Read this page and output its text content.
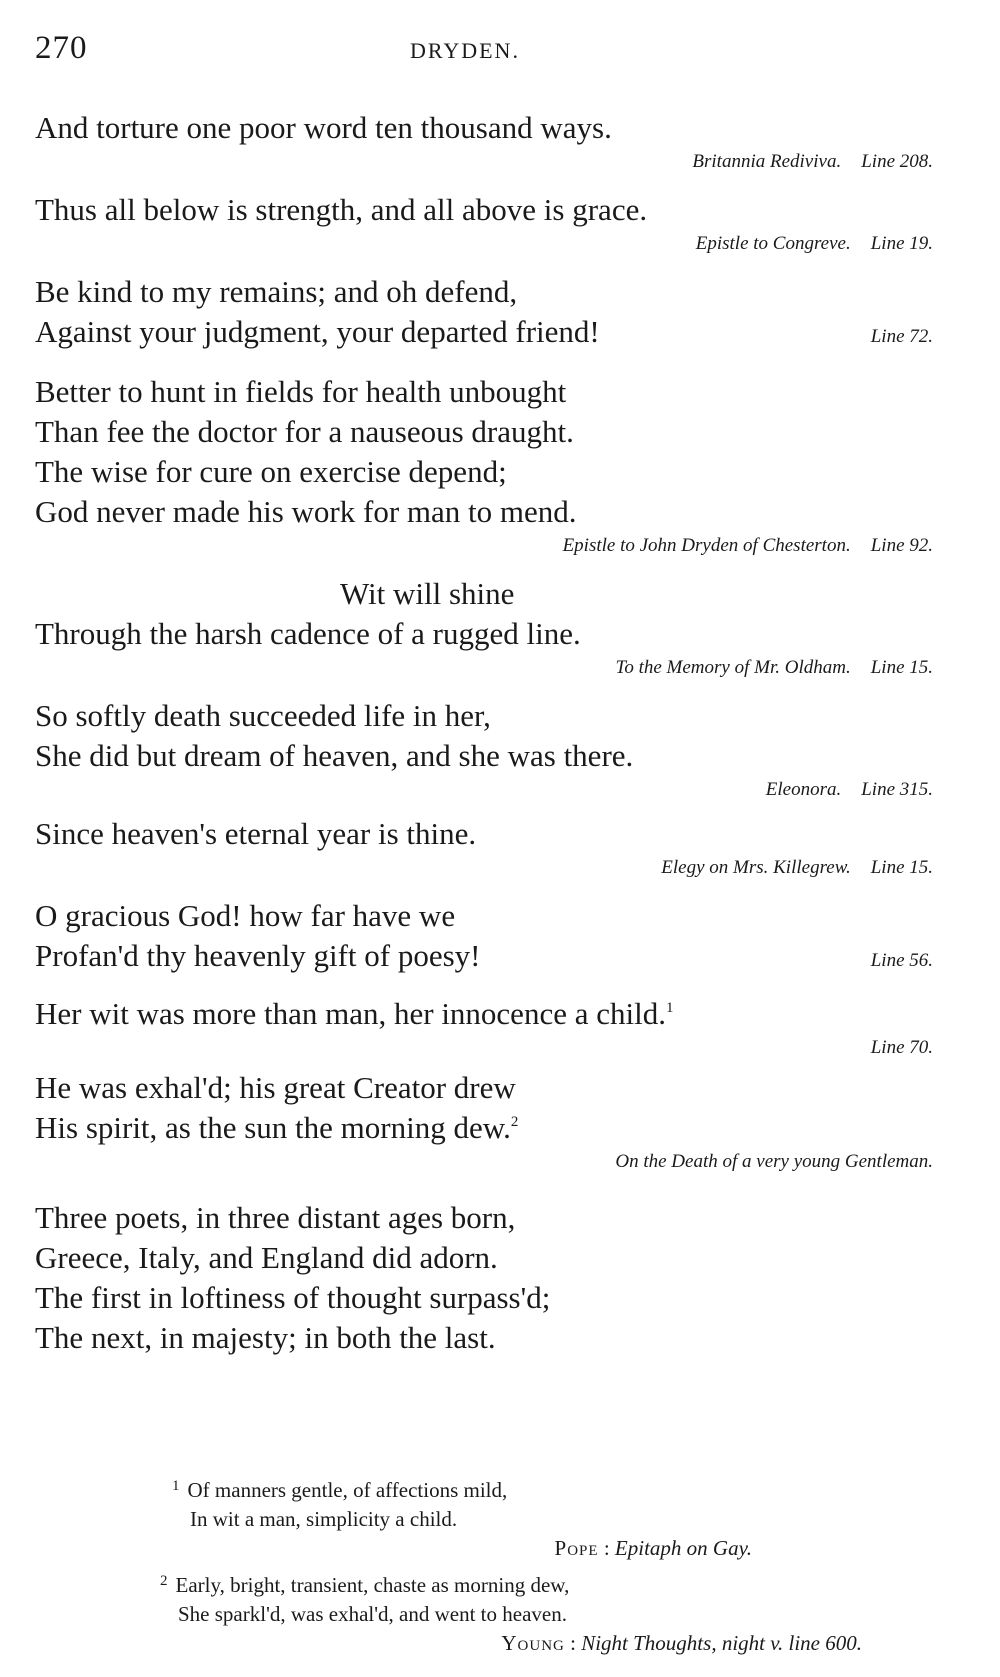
270	DRYDEN.
And torture one poor word ten thousand ways.
Britannia Rediviva. Line 208.
Thus all below is strength, and all above is grace.
Epistle to Congreve. Line 19.
Be kind to my remains; and oh defend,
Against your judgment, your departed friend!	Line 72.
Better to hunt in fields for health unbought
Than fee the doctor for a nauseous draught.
The wise for cure on exercise depend;
God never made his work for man to mend.
Epistle to John Dryden of Chesterton. Line 92.
Wit will shine
Through the harsh cadence of a rugged line.
To the Memory of Mr. Oldham. Line 15.
So softly death succeeded life in her,
She did but dream of heaven, and she was there.
Eleonora. Line 315.
Since heaven's eternal year is thine.
Elegy on Mrs. Killegrew. Line 15.
O gracious God! how far have we
Profan'd thy heavenly gift of poesy!	Line 56.
Her wit was more than man, her innocence a child.$^1$
Line 70.
He was exhal'd; his great Creator drew
His spirit, as the sun the morning dew.$^2$
On the Death of a very young Gentleman.
Three poets, in three distant ages born,
Greece, Italy, and England did adorn.
The first in loftiness of thought surpass'd;
The next, in majesty; in both the last.
$^1$ Of manners gentle, of affections mild,
In wit a man, simplicity a child.
Pope : Epitaph on Gay.
$^2$ Early, bright, transient, chaste as morning dew,
She sparkl'd, was exhal'd, and went to heaven.
Young : Night Thoughts, night v. line 600.
